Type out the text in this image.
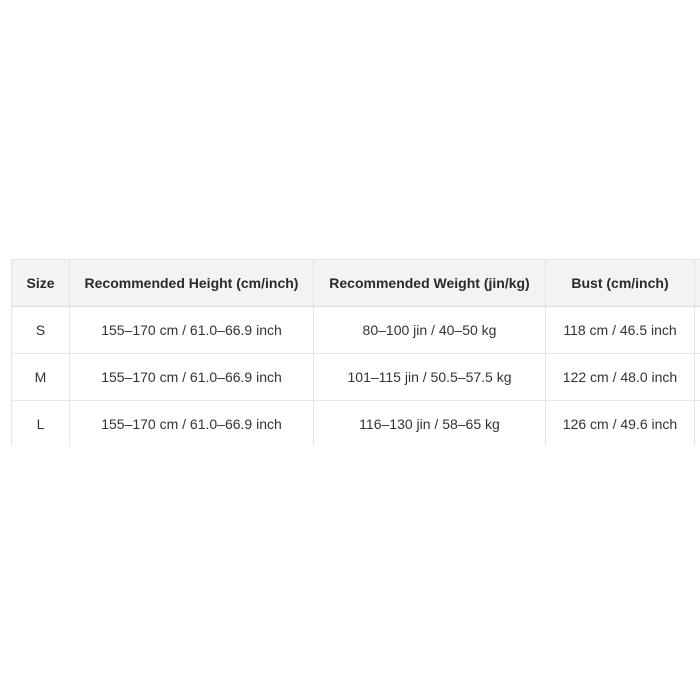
Size	Recommended Height (cm/inch)	Recommended Weight (jin/kg)	Bust (cm/inch)	
S	155–170 cm / 61.0–66.9 inch	80–100 jin / 40–50 kg	118 cm / 46.5 inch	
M	155–170 cm / 61.0–66.9 inch	101–115 jin / 50.5–57.5 kg	122 cm / 48.0 inch	
L	155–170 cm / 61.0–66.9 inch	116–130 jin / 58–65 kg	126 cm / 49.6 inch	
